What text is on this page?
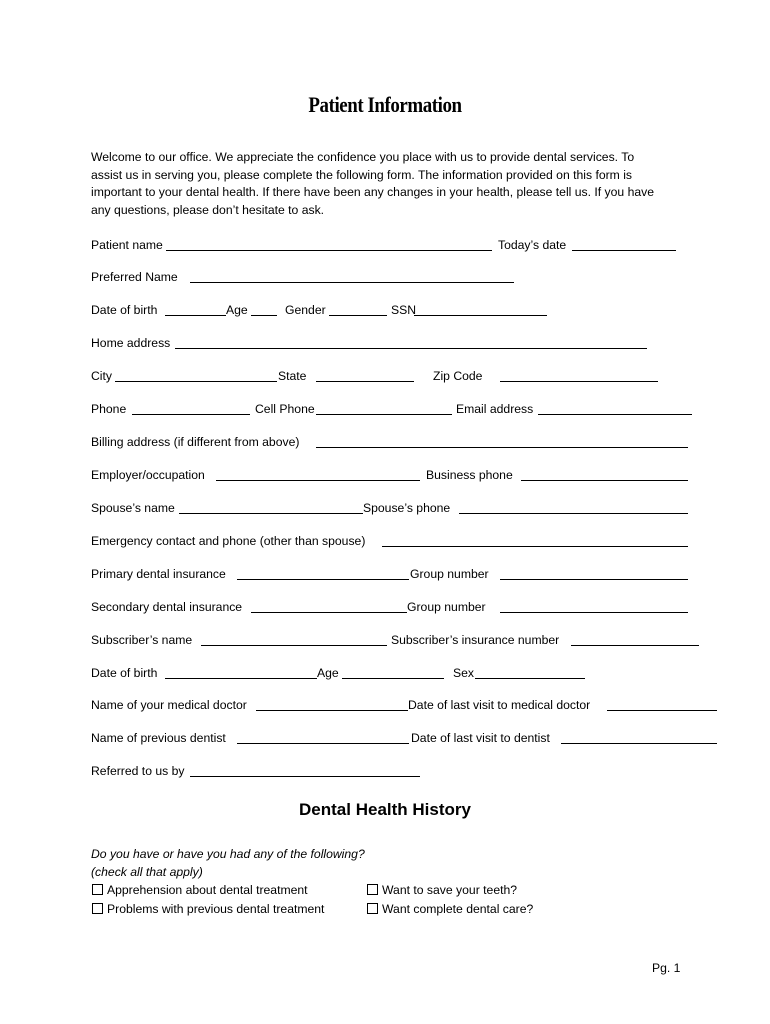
Patient Information
Welcome to our office. We appreciate the confidence you place with us to provide dental services. To assist us in serving you, please complete the following form. The information provided on this form is important to your dental health. If there have been any changes in your health, please tell us. If you have any questions, please don’t hesitate to ask.
Patient name	Today’s date
Preferred Name
Date of birth	Age	Gender	SSN
Home address
City	State	Zip Code
Phone	Cell Phone	Email address
Billing address (if different from above)
Employer/occupation	Business phone
Spouse’s name	Spouse’s phone
Emergency contact and phone (other than spouse)
Primary dental insurance	Group number
Secondary dental insurance	Group number
Subscriber’s name	Subscriber’s insurance number
Date of birth	Age	Sex
Name of your medical doctor	Date of last visit to medical doctor
Name of previous dentist	Date of last visit to dentist
Referred to us by
Dental Health History
Do you have or have you had any of the following?
(check all that apply)
Apprehension about dental treatment	Want to save your teeth?
Problems with previous dental treatment	Want complete dental care?
Pg. 1
